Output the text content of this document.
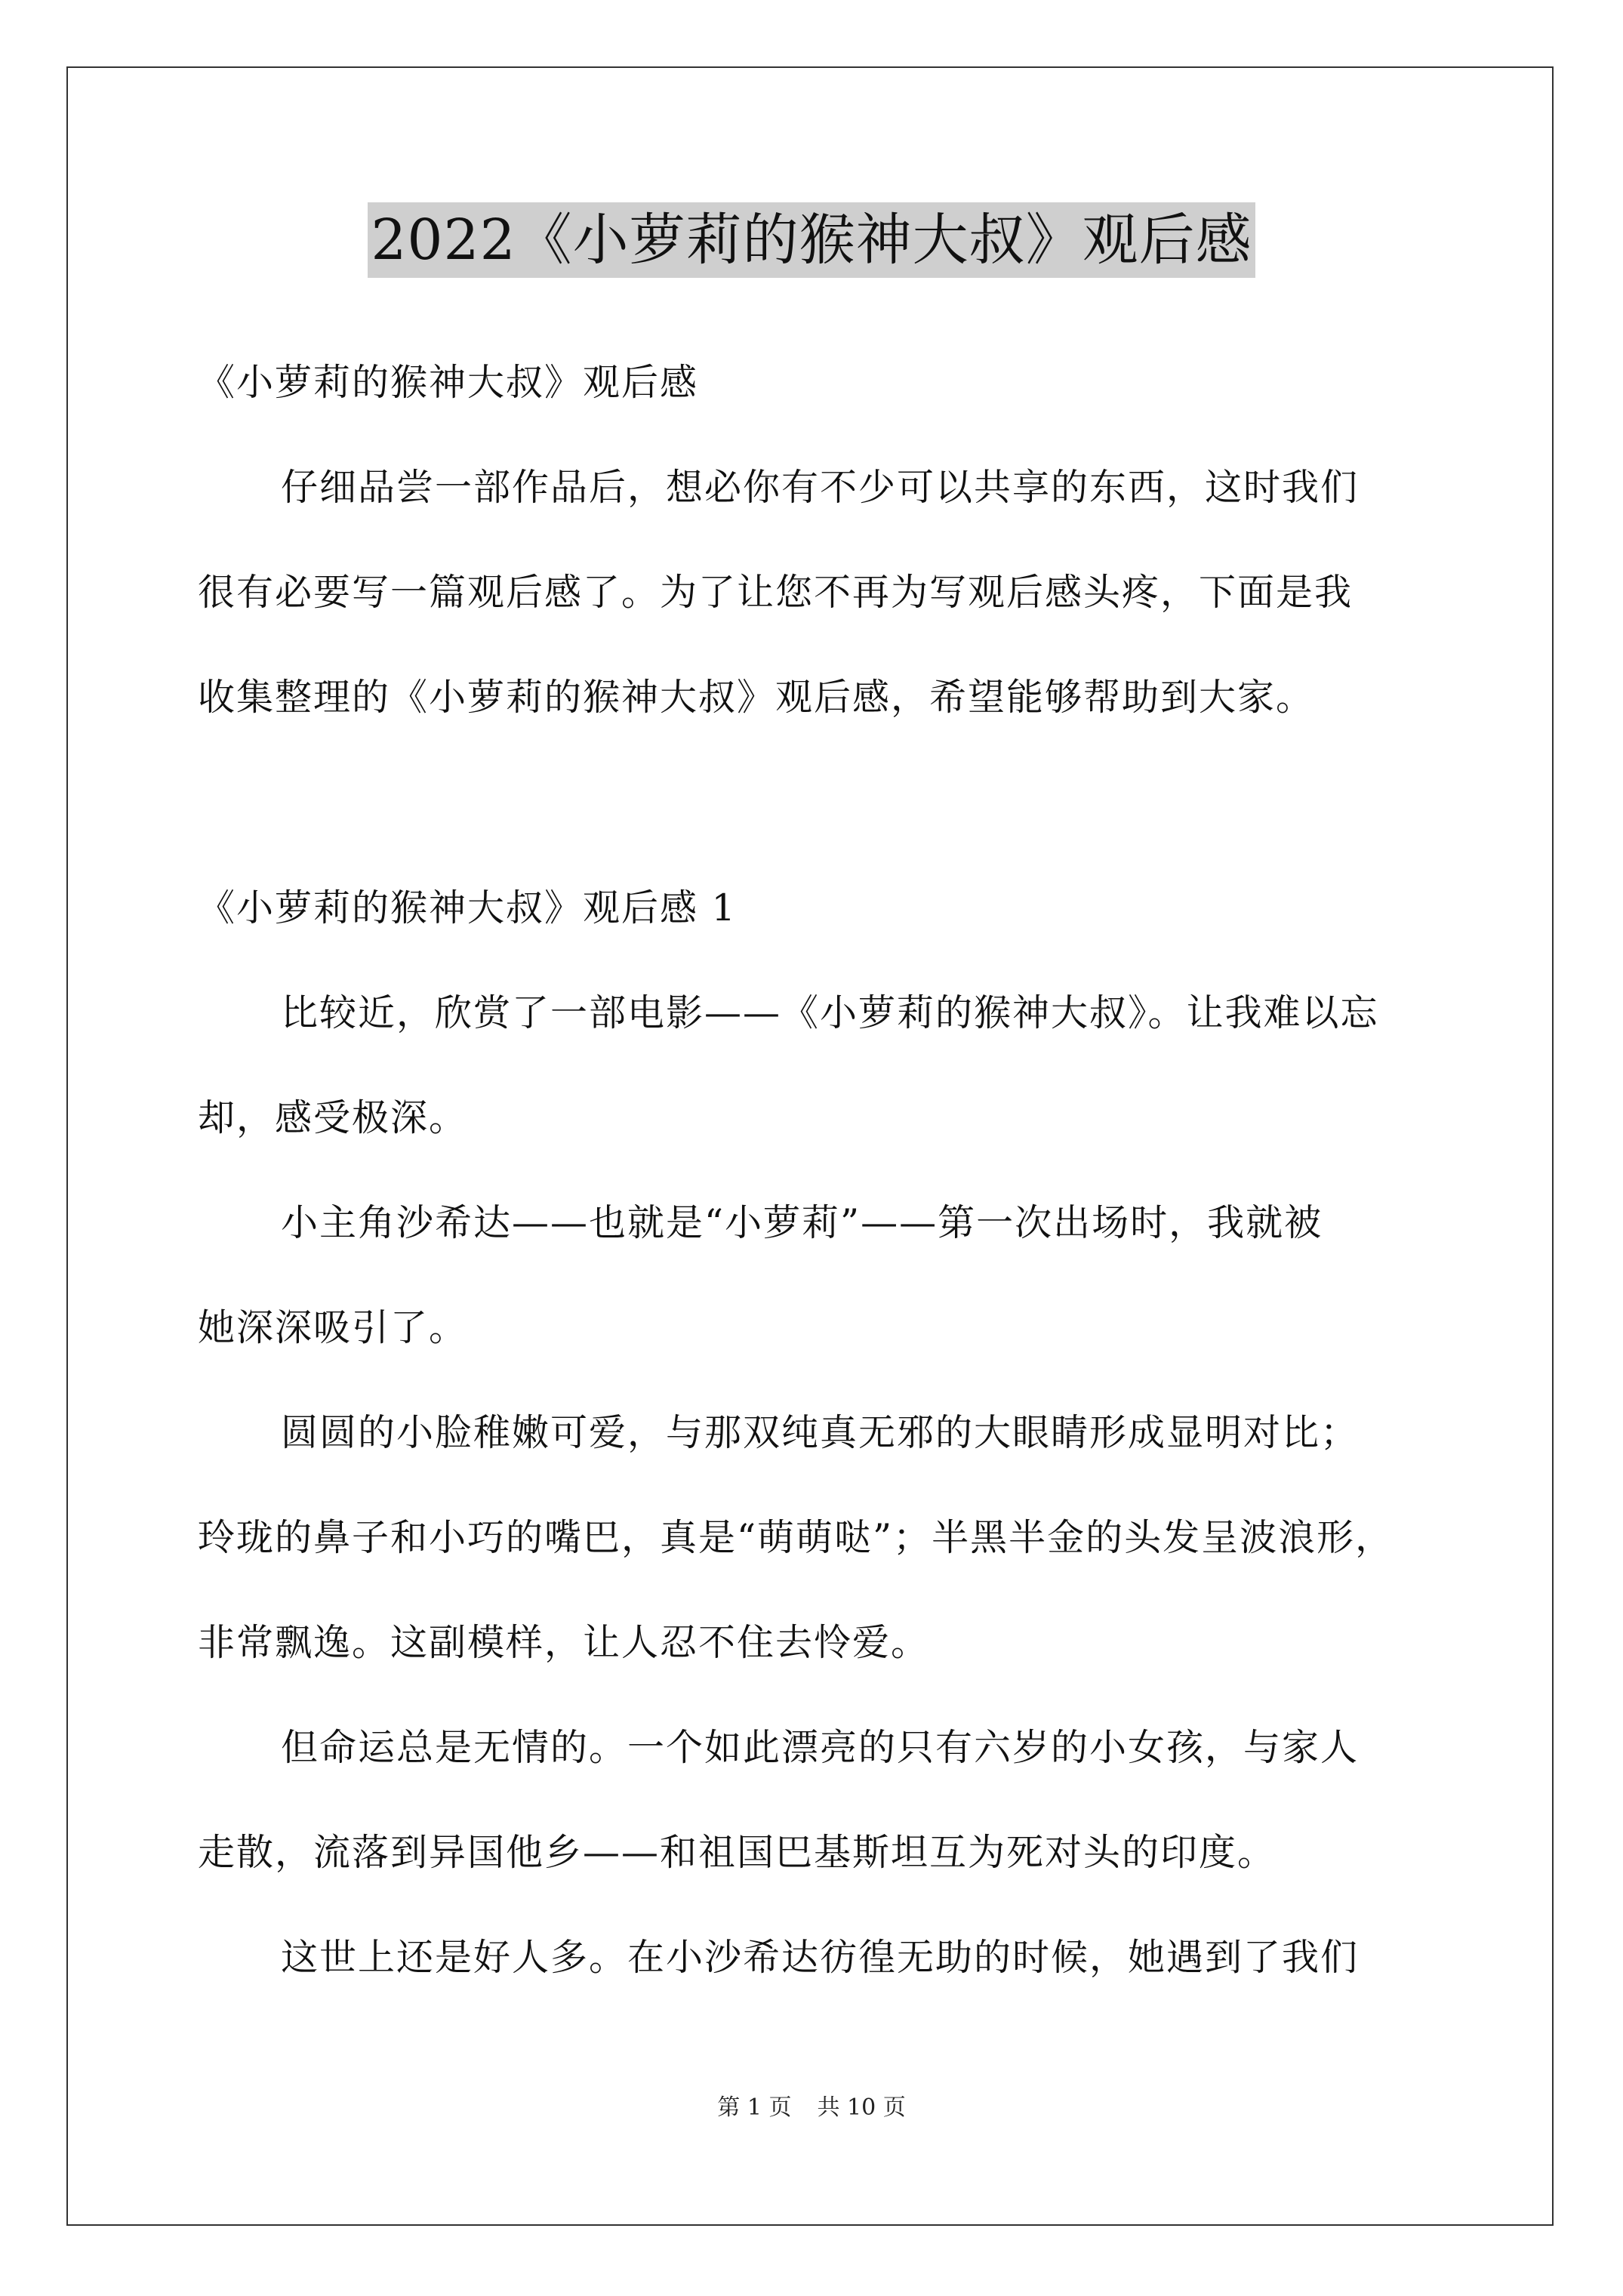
2022《小萝莉的猴神大叔》观后感
《小萝莉的猴神大叔》观后感
仔细品尝一部作品后，想必你有不少可以共享的东西，这时我们
很有必要写一篇观后感了。为了让您不再为写观后感头疼，下面是我
收集整理的《小萝莉的猴神大叔》观后感，希望能够帮助到大家。
《小萝莉的猴神大叔》观后感 1
比较近，欣赏了一部电影——《小萝莉的猴神大叔》。让我难以忘
却，感受极深。
小主角沙希达——也就是“小萝莉”——第一次出场时，我就被
她深深吸引了。
圆圆的小脸稚嫩可爱，与那双纯真无邪的大眼睛形成显明对比；
玲珑的鼻子和小巧的嘴巴，真是“萌萌哒”；半黑半金的头发呈波浪形，
非常飘逸。这副模样，让人忍不住去怜爱。
但命运总是无情的。一个如此漂亮的只有六岁的小女孩，与家人
走散，流落到异国他乡——和祖国巴基斯坦互为死对头的印度。
这世上还是好人多。在小沙希达彷徨无助的时候，她遇到了我们
第 1 页 共 10 页
